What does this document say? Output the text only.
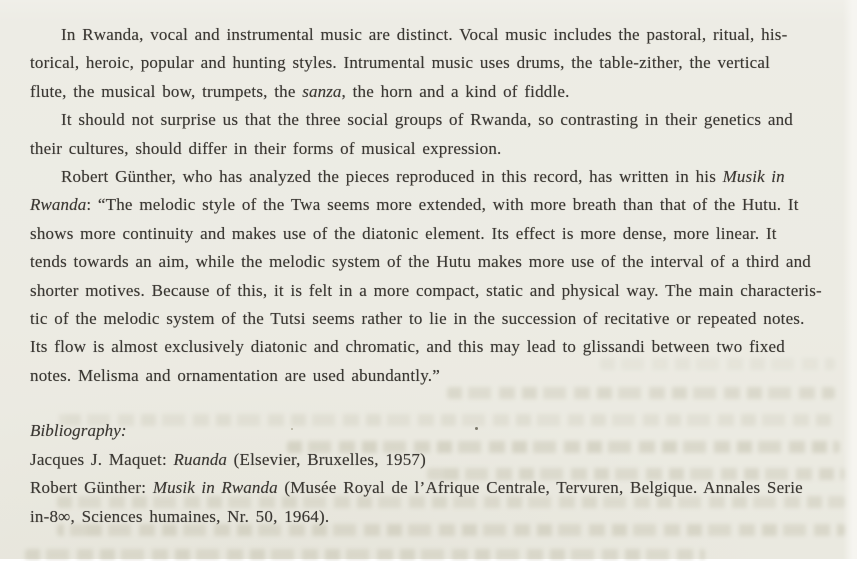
In Rwanda, vocal and instrumental music are distinct. Vocal music includes the pastoral, ritual, his-
torical, heroic, popular and hunting styles. Intrumental music uses drums, the table-zither, the vertical
flute, the musical bow, trumpets, the sanza, the horn and a kind of fiddle.
It should not surprise us that the three social groups of Rwanda, so contrasting in their genetics and
their cultures, should differ in their forms of musical expression.
Robert Günther, who has analyzed the pieces reproduced in this record, has written in his Musik in
Rwanda: “The melodic style of the Twa seems more extended, with more breath than that of the Hutu. It
shows more continuity and makes use of the diatonic element. Its effect is more dense, more linear. It
tends towards an aim, while the melodic system of the Hutu makes more use of the interval of a third and
shorter motives. Because of this, it is felt in a more compact, static and physical way. The main characteris-
tic of the melodic system of the Tutsi seems rather to lie in the succession of recitative or repeated notes.
Its flow is almost exclusively diatonic and chromatic, and this may lead to glissandi between two fixed
notes. Melisma and ornamentation are used abundantly.”
Bibliography:
Jacques J. Maquet: Ruanda (Elsevier, Bruxelles, 1957)
Robert Günther: Musik in Rwanda (Musée Royal de l’Afrique Centrale, Tervuren, Belgique. Annales Serie
in-8∞, Sciences humaines, Nr. 50, 1964).
